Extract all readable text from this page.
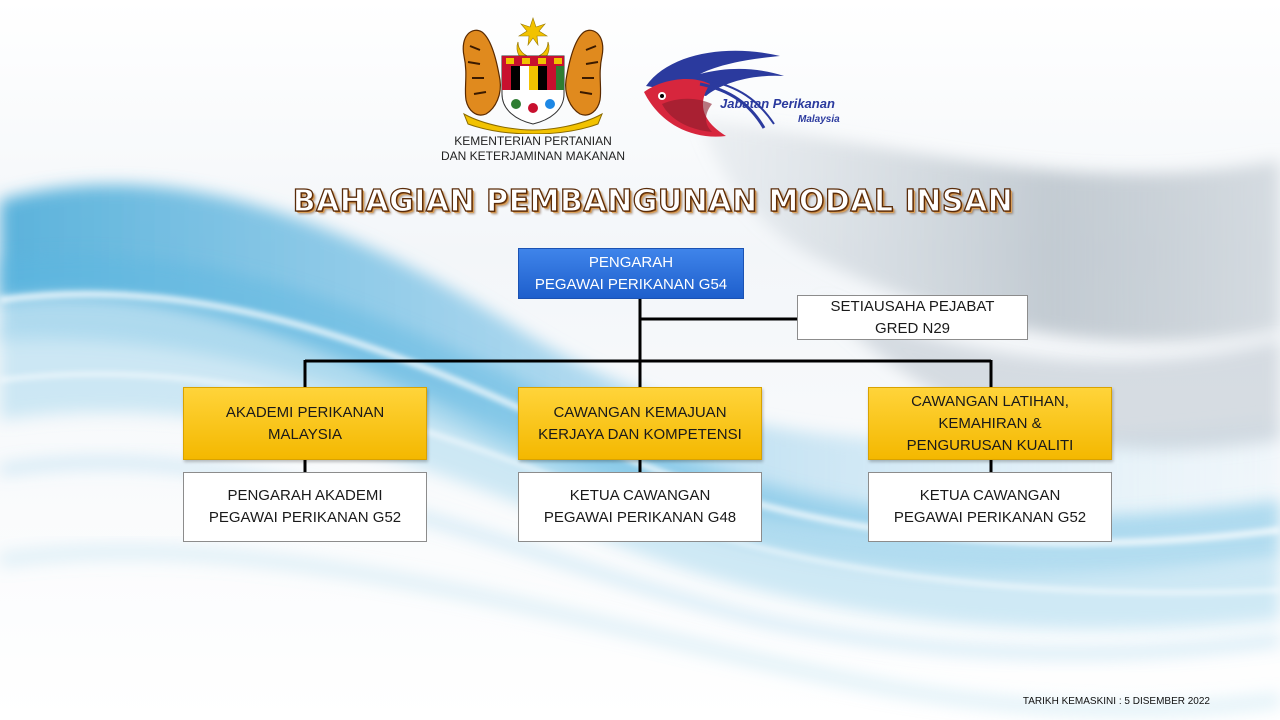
Jabatan Perikanan
Malaysia
KEMENTERIAN PERTANIAN
DAN KETERJAMINAN MAKANAN
BAHAGIAN PEMBANGUNAN MODAL INSAN
PENGARAH
PEGAWAI PERIKANAN G54
SETIAUSAHA PEJABAT
GRED N29
AKADEMI PERIKANAN
MALAYSIA
PENGARAH AKADEMI
PEGAWAI PERIKANAN G52
CAWANGAN KEMAJUAN
KERJAYA DAN KOMPETENSI
KETUA CAWANGAN
PEGAWAI PERIKANAN G48
CAWANGAN LATIHAN,
KEMAHIRAN &
PENGURUSAN KUALITI
KETUA CAWANGAN
PEGAWAI PERIKANAN G52
TARIKH KEMASKINI : 5 DISEMBER 2022
